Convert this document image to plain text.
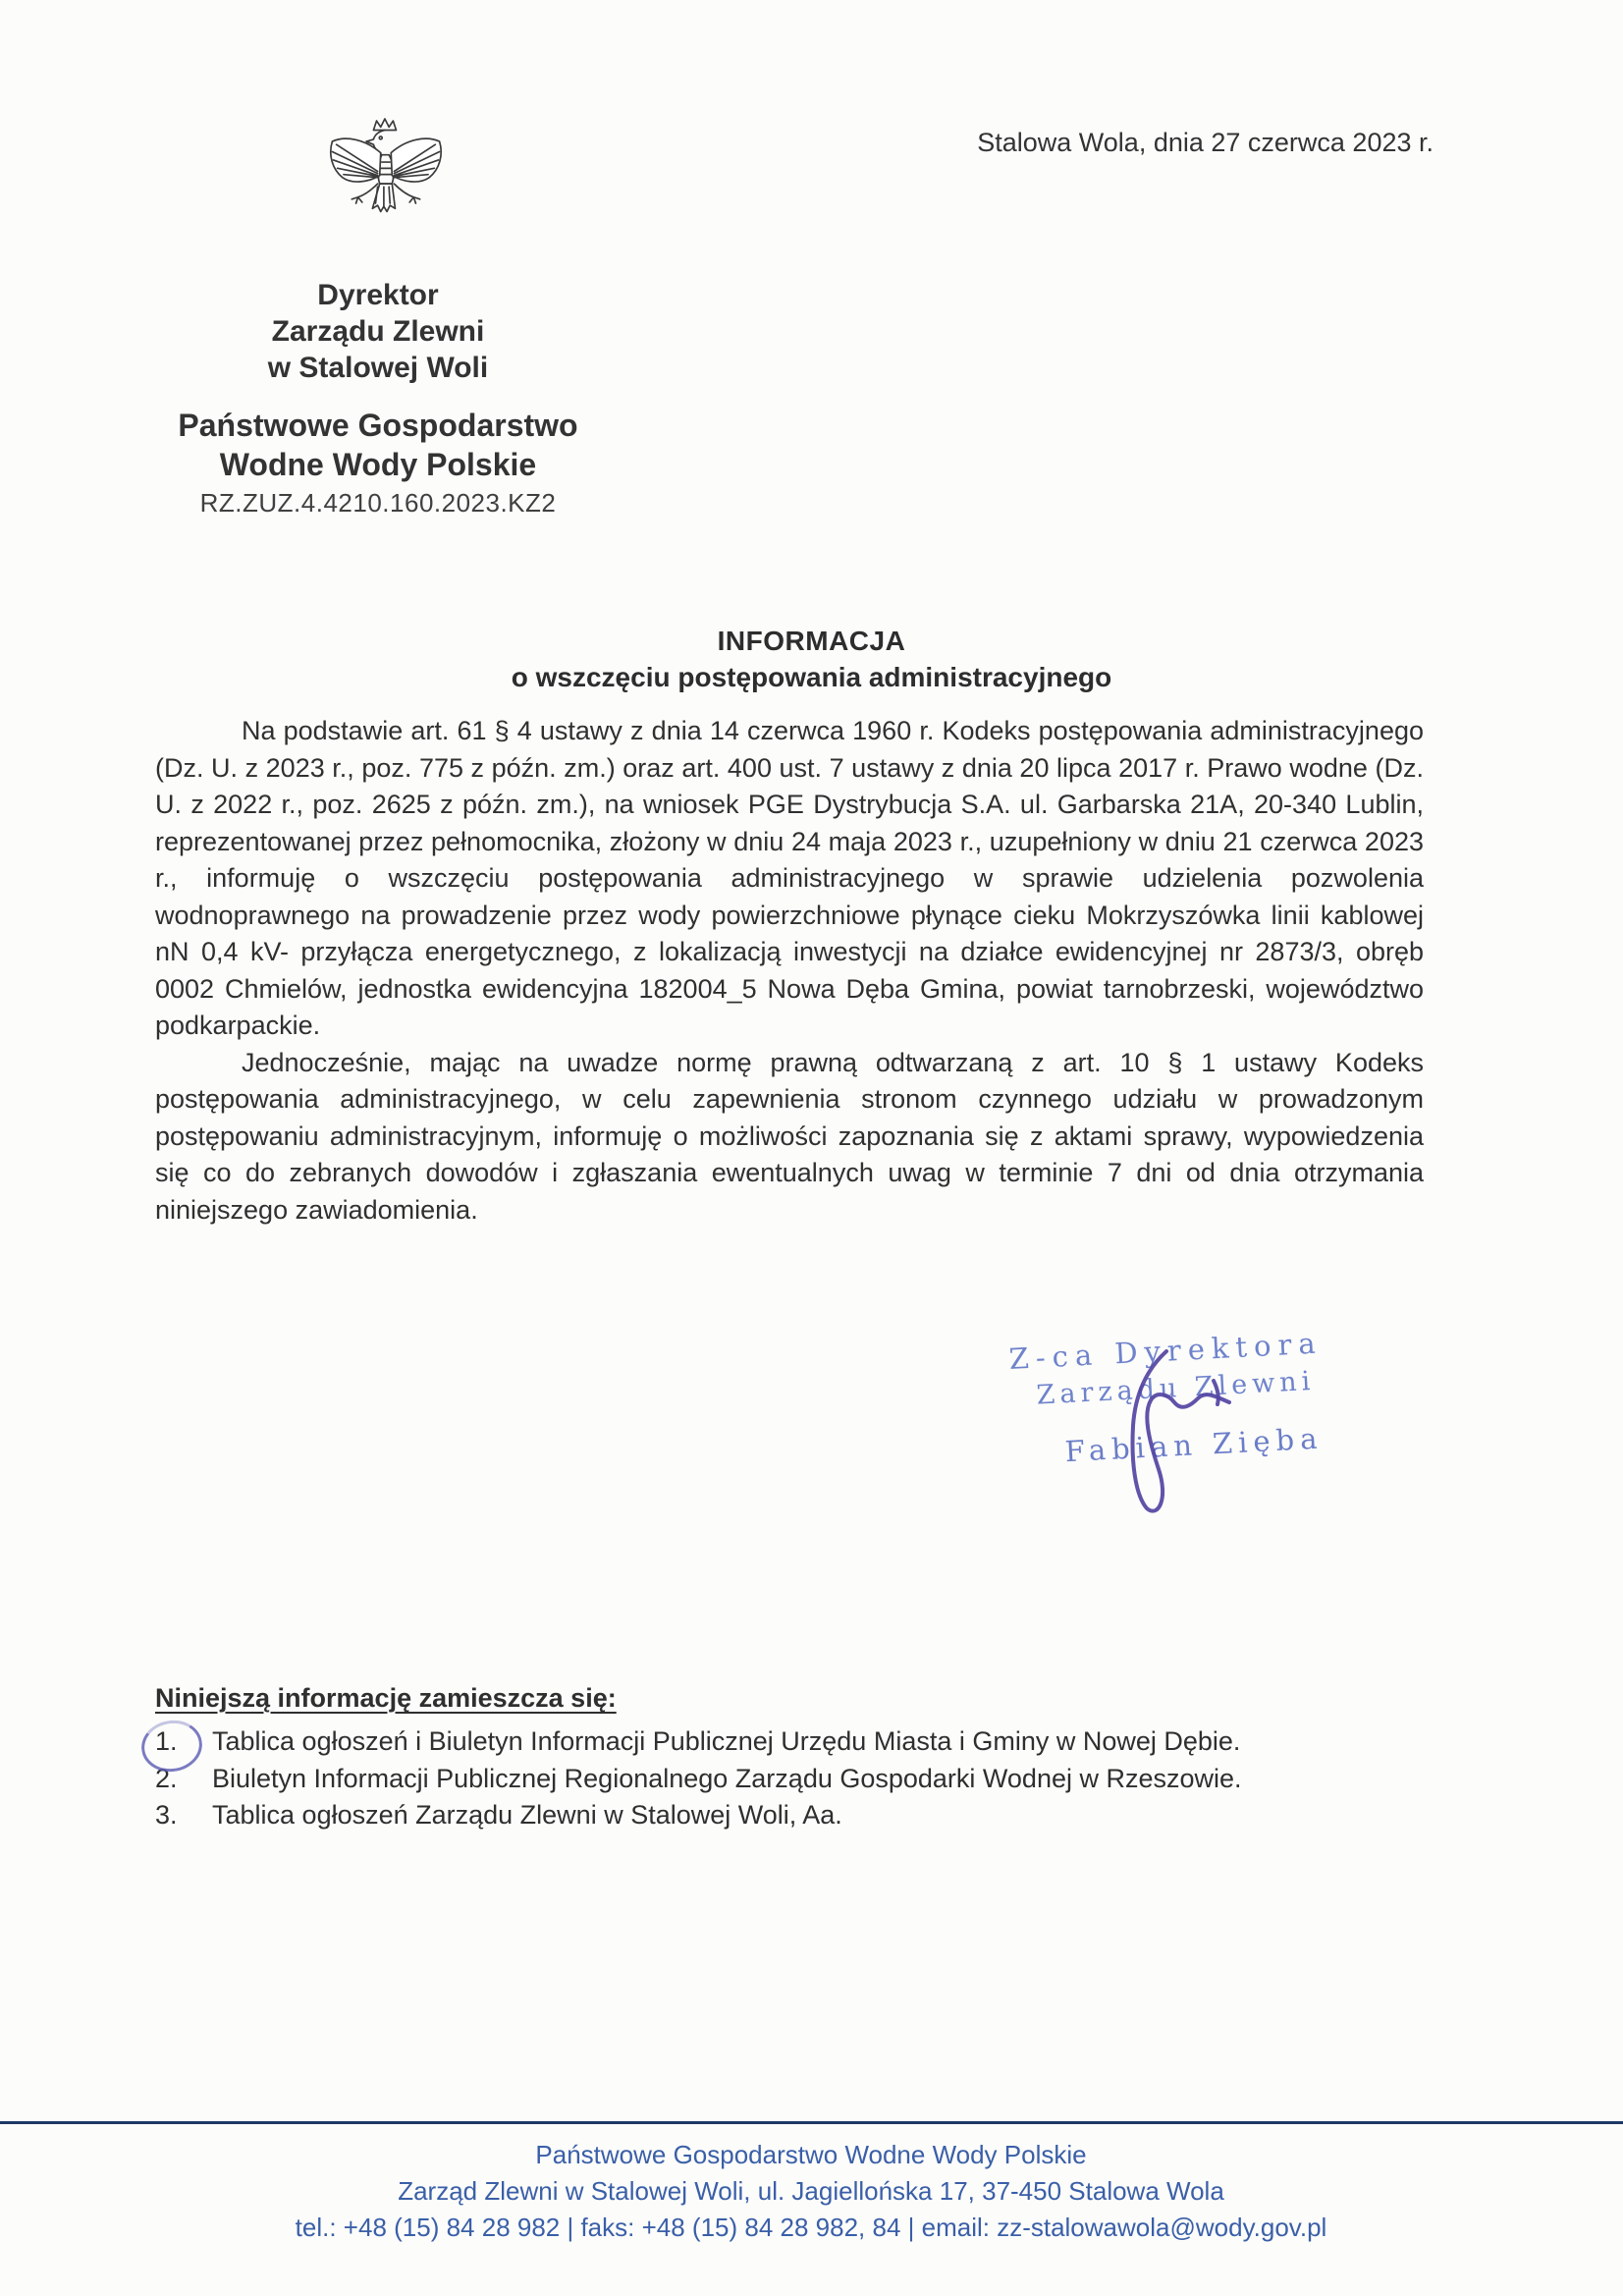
Stalowa Wola, dnia 27 czerwca 2023 r.
Dyrektor
Zarządu Zlewni
w Stalowej Woli
Państwowe Gospodarstwo
Wodne Wody Polskie
RZ.ZUZ.4.4210.160.2023.KZ2
INFORMACJA
o wszczęciu postępowania administracyjnego

Na podstawie art. 61 § 4 ustawy z dnia 14 czerwca 1960 r. Kodeks postępowania administracyjnego (Dz. U. z 2023 r., poz. 775 z późn. zm.) oraz art. 400 ust. 7 ustawy z dnia 20 lipca 2017 r. Prawo wodne (Dz. U. z 2022 r., poz. 2625 z późn. zm.), na wniosek PGE Dystrybucja S.A. ul. Garbarska 21A, 20-340 Lublin, reprezentowanej przez pełnomocnika, złożony w dniu 24 maja 2023 r., uzupełniony w dniu 21 czerwca 2023 r., informuję o wszczęciu postępowania administracyjnego w sprawie udzielenia pozwolenia wodnoprawnego na prowadzenie przez wody powierzchniowe płynące cieku Mokrzyszówka linii kablowej nN 0,4 kV- przyłącza energetycznego, z lokalizacją inwestycji na działce ewidencyjnej nr 2873/3, obręb 0002 Chmielów, jednostka ewidencyjna 182004_5 Nowa Dęba Gmina, powiat tarnobrzeski, województwo podkarpackie.

Jednocześnie, mając na uwadze normę prawną odtwarzaną z art. 10 § 1 ustawy Kodeks postępowania administracyjnego, w celu zapewnienia stronom czynnego udziału w prowadzonym postępowaniu administracyjnym, informuję o możliwości zapoznania się z aktami sprawy, wypowiedzenia się co do zebranych dowodów i zgłaszania ewentualnych uwag w terminie 7 dni od dnia otrzymania niniejszego zawiadomienia.

Z-ca Dyrektora
Zarządu Zlewni
Fabian Zięba
Niniejszą informację zamieszcza się:
1.	Tablica ogłoszeń i Biuletyn Informacji Publicznej Urzędu Miasta i Gminy w Nowej Dębie.
2.	Biuletyn Informacji Publicznej Regionalnego Zarządu Gospodarki Wodnej w Rzeszowie.
3.	Tablica ogłoszeń Zarządu Zlewni w Stalowej Woli, Aa.
Państwowe Gospodarstwo Wodne Wody Polskie
Zarząd Zlewni w Stalowej Woli, ul. Jagiellońska 17, 37-450 Stalowa Wola
tel.: +48 (15) 84 28 982 | faks: +48 (15) 84 28 982, 84 | email: zz-stalowawola@wody.gov.pl
